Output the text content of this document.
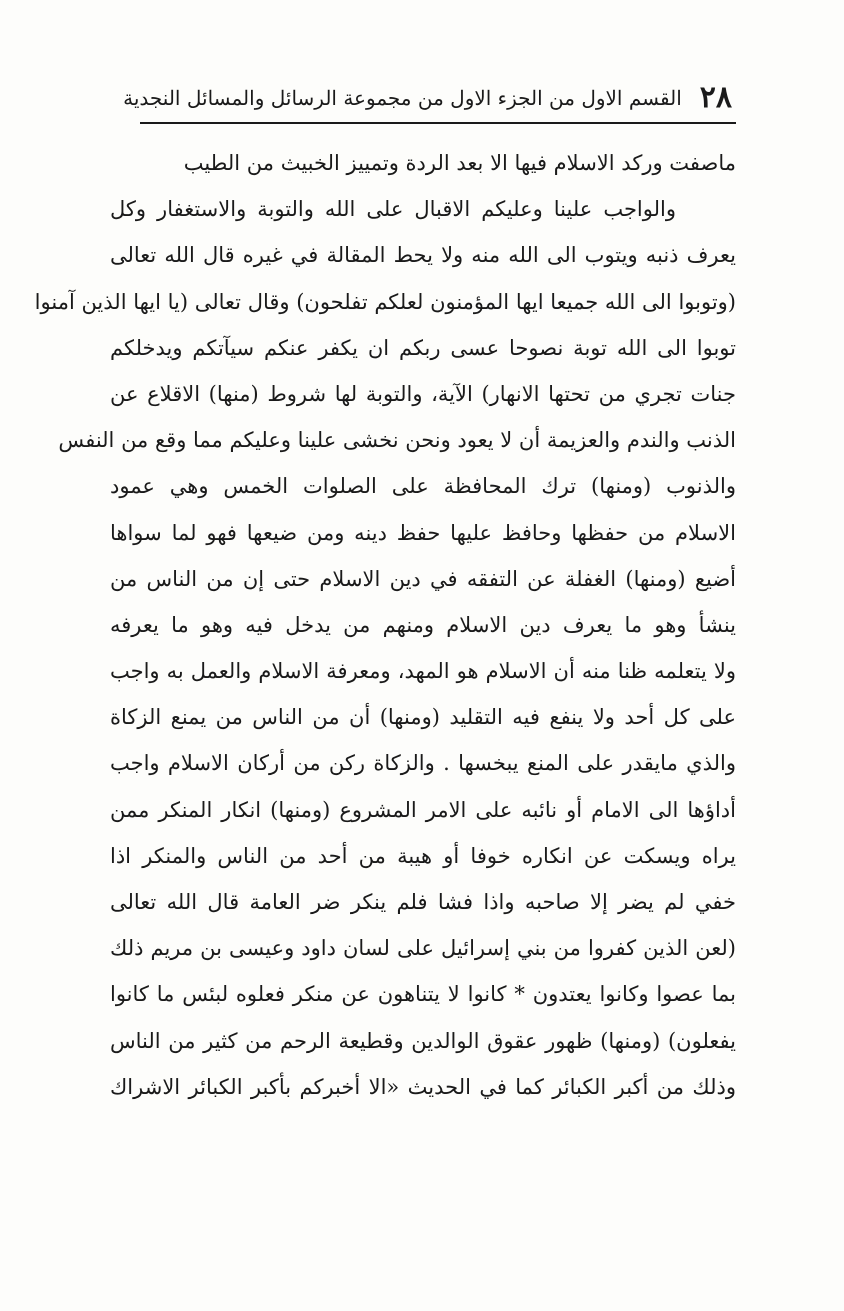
٢٨
القسم الاول من الجزء الاول من مجموعة الرسائل والمسائل النجدية
ماصفت وركد الاسلام فيها الا بعد الردة وتمييز الخبيث من الطيب
والواجب علينا وعليكم الاقبال على الله والتوبة والاستغفار وكل
يعرف ذنبه ويتوب الى الله منه ولا يحط المقالة في غيره قال الله تعالى
(وتوبوا الى الله جميعا ايها المؤمنون لعلكم تفلحون) وقال تعالى (يا ايها الذين آمنوا
توبوا الى الله توبة نصوحا عسى ربكم ان يكفر عنكم سيآتكم ويدخلكم
جنات تجري من تحتها الانهار) الآية، والتوبة لها شروط (منها) الاقلاع عن
الذنب والندم والعزيمة أن لا يعود ونحن نخشى علينا وعليكم مما وقع من النفس
والذنوب (ومنها) ترك المحافظة على الصلوات الخمس وهي عمود
الاسلام من حفظها وحافظ عليها حفظ دينه ومن ضيعها فهو لما سواها
أضيع (ومنها) الغفلة عن التفقه في دين الاسلام حتى إن من الناس من
ينشأ وهو ما يعرف دين الاسلام ومنهم من يدخل فيه وهو ما يعرفه
ولا يتعلمه ظنا منه أن الاسلام هو المهد، ومعرفة الاسلام والعمل به واجب
على كل أحد ولا ينفع فيه التقليد (ومنها) أن من الناس من يمنع الزكاة
والذي مايقدر على المنع يبخسها . والزكاة ركن من أركان الاسلام واجب
أداؤها الى الامام أو نائبه على الامر المشروع (ومنها) انكار المنكر ممن
يراه ويسكت عن انكاره خوفا أو هيبة من أحد من الناس والمنكر اذا
خفي لم يضر إلا صاحبه واذا فشا فلم ينكر ضر العامة قال الله تعالى
(لعن الذين كفروا من بني إسرائيل على لسان داود وعيسى بن مريم ذلك
بما عصوا وكانوا يعتدون * كانوا لا يتناهون عن منكر فعلوه لبئس ما كانوا
يفعلون) (ومنها) ظهور عقوق الوالدين وقطيعة الرحم من كثير من الناس
وذلك من أكبر الكبائر كما في الحديث «الا أخبركم بأكبر الكبائر الاشراك
